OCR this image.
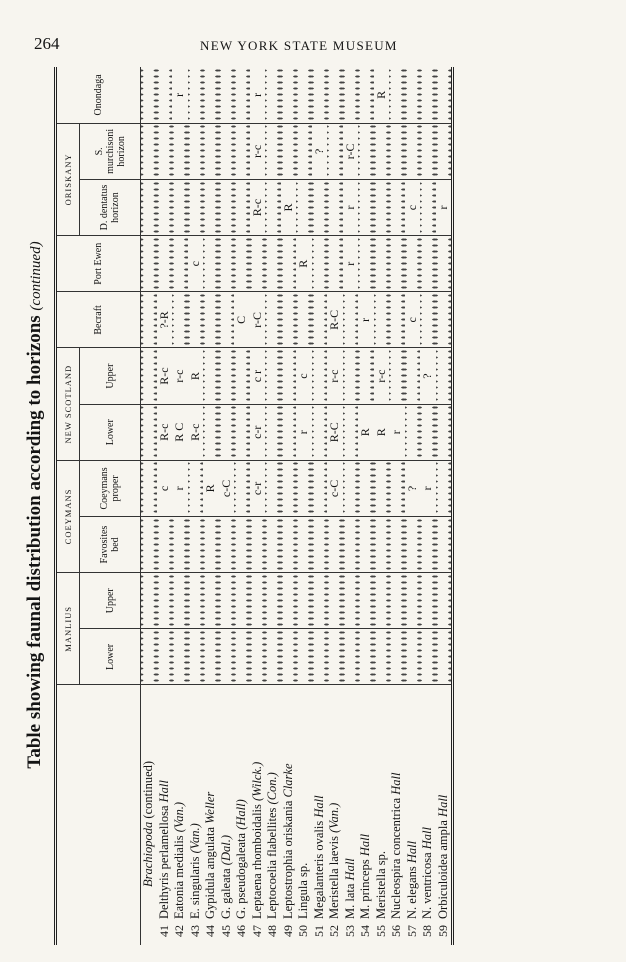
264	NEW YORK STATE MUSEUM
Table showing faunal distribution according to horizons (continued)
		MANLIUS		COEYMANS		NEW SCOTLAND		Becraft	Port Ewen	ORISKANY		Onondaga
		Lower	Upper	Favosites bed	Coeymans proper	Lower	Upper			D. dentatus horizon	S. murchisoni horizon	
	Brachiopoda (continued)											
41	Delthyris perlamellosa Hall				c	R-c	R-c	?-R				
42	Eatonia medialis (Van.)				r	R C	r-c					r
43	E. singularis (Van.)					R-c	R		c			
44	Gypidula angulata Weller				R							
45	G. galeata (Dal.)				c-C							
46	G. pseudogaleata (Hall)							C				
47	Leptaena rhomboidalis (Wilck.)				c-r	c-r	c r	r-C		R-c	r-c	r
48	Leptocoelia flabellites (Con.)											
49	Leptostrophia oriskania Clarke									R		
50	Lingula sp.					r	c		R			
51	Megalanteris ovalis Hall										?	
52	Meristella laevis (Van.)				c-C	R-C	r-c	R-C				
53	M. lata Hall								r	r	r-C	
54	M. princeps Hall					R		r				
55	Meristella sp.					R	r-c					R
56	Nucleospira concentrica Hall					r						
57	N. elegans Hall				?			c		c		
58	N. ventricosa Hall				r		?					
59	Orbiculoidea ampla Hall									r		
